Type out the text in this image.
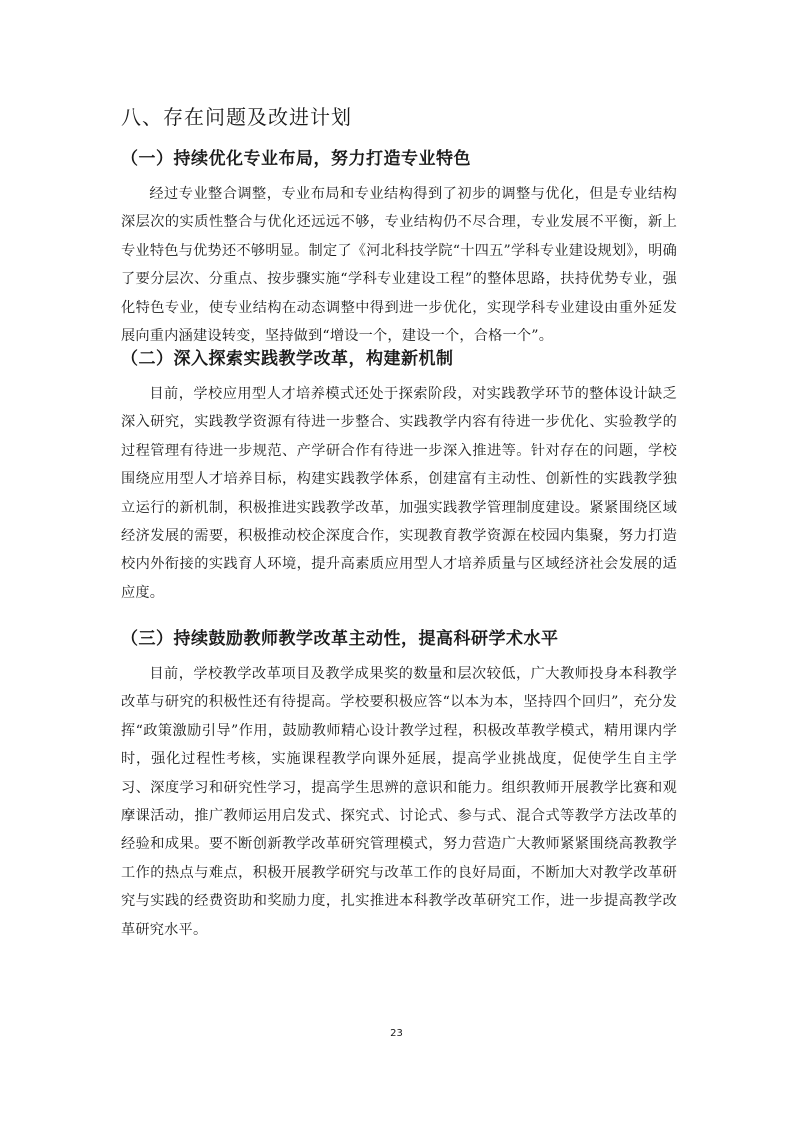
八、存在问题及改进计划
（一）持续优化专业布局，努力打造专业特色
经过专业整合调整，专业布局和专业结构得到了初步的调整与优化，但是专业结构深层次的实质性整合与优化还远远不够，专业结构仍不尽合理，专业发展不平衡，新上专业特色与优势还不够明显。制定了《河北科技学院“十四五”学科专业建设规划》，明确了要分层次、分重点、按步骤实施“学科专业建设工程”的整体思路，扶持优势专业，强化特色专业，使专业结构在动态调整中得到进一步优化，实现学科专业建设由重外延发展向重内涵建设转变，坚持做到“增设一个，建设一个，合格一个”。
（二）深入探索实践教学改革，构建新机制
目前，学校应用型人才培养模式还处于探索阶段，对实践教学环节的整体设计缺乏深入研究，实践教学资源有待进一步整合、实践教学内容有待进一步优化、实验教学的过程管理有待进一步规范、产学研合作有待进一步深入推进等。针对存在的问题，学校围绕应用型人才培养目标，构建实践教学体系，创建富有主动性、创新性的实践教学独立运行的新机制，积极推进实践教学改革，加强实践教学管理制度建设。紧紧围绕区域经济发展的需要，积极推动校企深度合作，实现教育教学资源在校园内集聚，努力打造校内外衔接的实践育人环境，提升高素质应用型人才培养质量与区域经济社会发展的适应度。
（三）持续鼓励教师教学改革主动性，提高科研学术水平
目前，学校教学改革项目及教学成果奖的数量和层次较低，广大教师投身本科教学改革与研究的积极性还有待提高。学校要积极应答“以本为本，坚持四个回归”，充分发挥“政策激励引导”作用，鼓励教师精心设计教学过程，积极改革教学模式，精用课内学时，强化过程性考核，实施课程教学向课外延展，提高学业挑战度，促使学生自主学习、深度学习和研究性学习，提高学生思辨的意识和能力。组织教师开展教学比赛和观摩课活动，推广教师运用启发式、探究式、讨论式、参与式、混合式等教学方法改革的经验和成果。要不断创新教学改革研究管理模式，努力营造广大教师紧紧围绕高教教学工作的热点与难点，积极开展教学研究与改革工作的良好局面，不断加大对教学改革研究与实践的经费资助和奖励力度，扎实推进本科教学改革研究工作，进一步提高教学改革研究水平。
23
